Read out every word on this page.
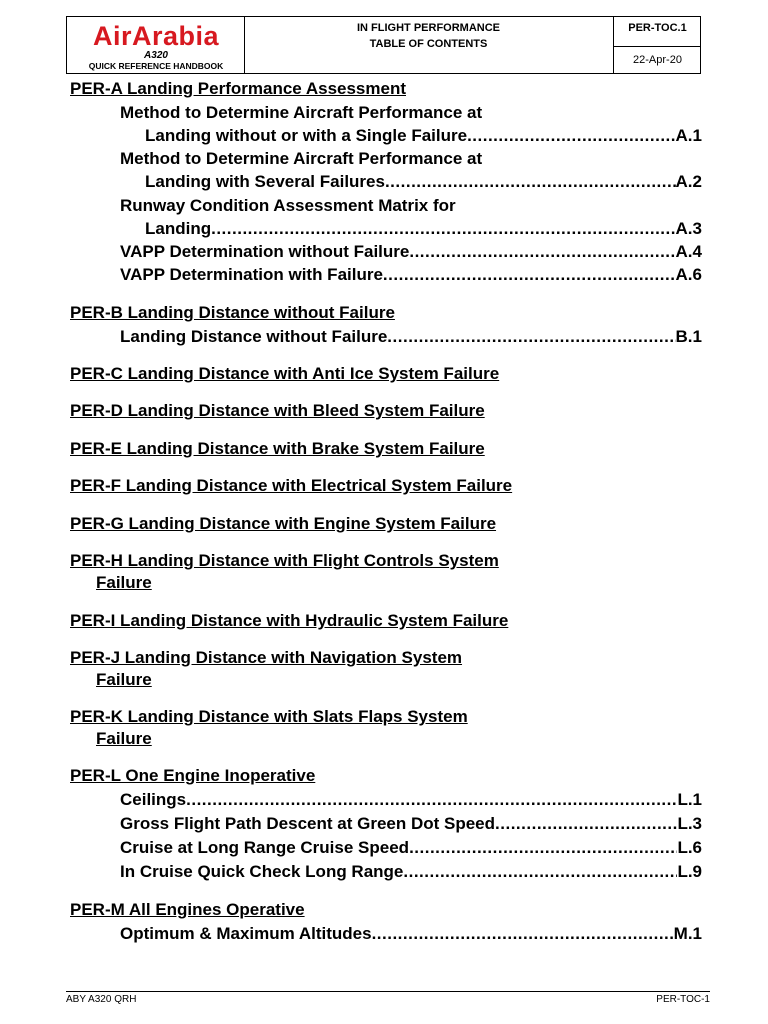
AirArabia
A320
QUICK REFERENCE HANDBOOK
IN FLIGHT PERFORMANCE
TABLE OF CONTENTS
PER-TOC.1
22-Apr-20
PER-A Landing Performance Assessment
Method to Determine Aircraft Performance at
Landing without or with a Single Failure .....	A.1
Method to Determine Aircraft Performance at
Landing with Several Failures .....	A.2
Runway Condition Assessment Matrix for
Landing .....	A.3
VAPP Determination without Failure .....	A.4
VAPP Determination with Failure .....	A.6
PER-B Landing Distance without Failure
Landing Distance without Failure .....	B.1
PER-C Landing Distance with Anti Ice System Failure
PER-D Landing Distance with Bleed System Failure
PER-E Landing Distance with Brake System Failure
PER-F Landing Distance with Electrical System Failure
PER-G Landing Distance with Engine System Failure
PER-H Landing Distance with Flight Controls System
Failure
PER-I Landing Distance with Hydraulic System Failure
PER-J Landing Distance with Navigation System
Failure
PER-K Landing Distance with Slats Flaps System
Failure
PER-L One Engine Inoperative
Ceilings .....	L.1
Gross Flight Path Descent at Green Dot Speed .....	L.3
Cruise at Long Range Cruise Speed .....	L.6
In Cruise Quick Check Long Range .....	L.9
PER-M All Engines Operative
Optimum & Maximum Altitudes .....	M.1
ABY A320 QRH	PER-TOC-1
